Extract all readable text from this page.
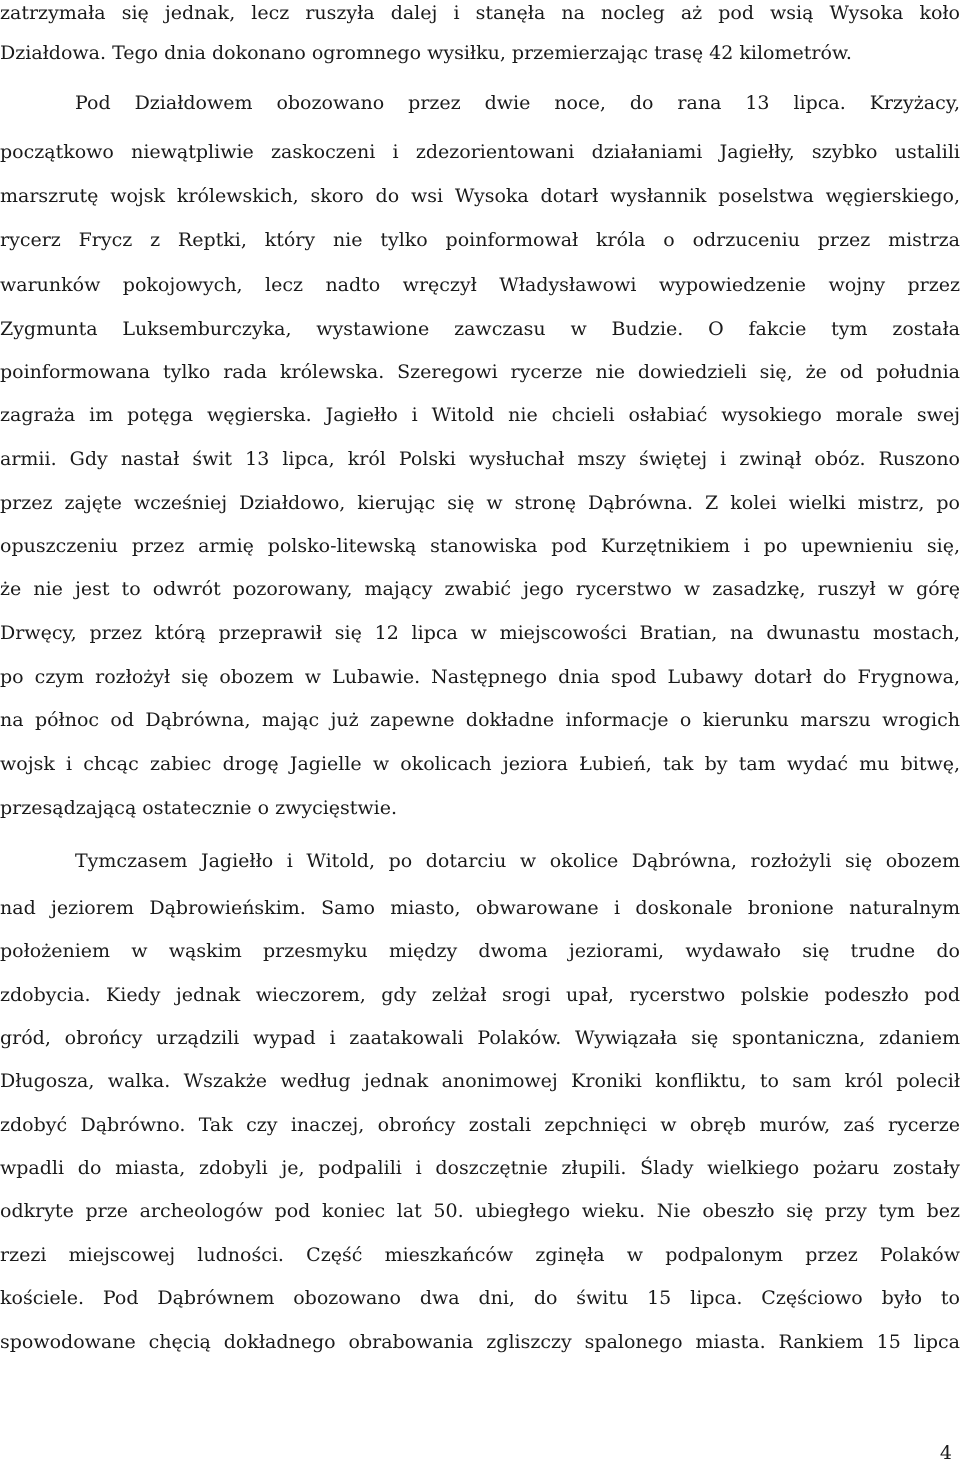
zatrzymała się jednak, lecz ruszyła dalej i stanęła na nocleg aż pod wsią Wysoka koło
Działdowa. Tego dnia dokonano ogromnego wysiłku, przemierzając trasę 42 kilometrów.
Pod Działdowem obozowano przez dwie noce, do rana 13 lipca. Krzyżacy,
początkowo niewątpliwie zaskoczeni i zdezorientowani działaniami Jagiełły, szybko ustalili
marszrutę wojsk królewskich, skoro do wsi Wysoka dotarł wysłannik poselstwa węgierskiego,
rycerz Frycz z Reptki, który nie tylko poinformował króla o odrzuceniu przez mistrza
warunków pokojowych, lecz nadto wręczył Władysławowi wypowiedzenie wojny przez
Zygmunta Luksemburczyka, wystawione zawczasu w Budzie. O fakcie tym została
poinformowana tylko rada królewska. Szeregowi rycerze nie dowiedzieli się, że od południa
zagraża im potęga węgierska. Jagiełło i Witold nie chcieli osłabiać wysokiego morale swej
armii. Gdy nastał świt 13 lipca, król Polski wysłuchał mszy świętej i zwinął obóz. Ruszono
przez zajęte wcześniej Działdowo, kierując się w stronę Dąbrówna. Z kolei wielki mistrz, po
opuszczeniu przez armię polsko-litewską stanowiska pod Kurzętnikiem i po upewnieniu się,
że nie jest to odwrót pozorowany, mający zwabić jego rycerstwo w zasadzkę, ruszył w górę
Drwęcy, przez którą przeprawił się 12 lipca w miejscowości Bratian, na dwunastu mostach,
po czym rozłożył się obozem w Lubawie. Następnego dnia spod Lubawy dotarł do Frygnowa,
na północ od Dąbrówna, mając już zapewne dokładne informacje o kierunku marszu wrogich
wojsk i chcąc zabiec drogę Jagielle w okolicach jeziora Łubień, tak by tam wydać mu bitwę,
przesądzającą ostatecznie o zwycięstwie.
Tymczasem Jagiełło i Witold, po dotarciu w okolice Dąbrówna, rozłożyli się obozem
nad jeziorem Dąbrowieńskim. Samo miasto, obwarowane i doskonale bronione naturalnym
położeniem w wąskim przesmyku między dwoma jeziorami, wydawało się trudne do
zdobycia. Kiedy jednak wieczorem, gdy zelżał srogi upał, rycerstwo polskie podeszło pod
gród, obrońcy urządzili wypad i zaatakowali Polaków. Wywiązała się spontaniczna, zdaniem
Długosza, walka. Wszakże według jednak anonimowej Kroniki konfliktu, to sam król polecił
zdobyć Dąbrówno. Tak czy inaczej, obrońcy zostali zepchnięci w obręb murów, zaś rycerze
wpadli do miasta, zdobyli je, podpalili i doszczętnie złupili. Ślady wielkiego pożaru zostały
odkryte prze archeologów pod koniec lat 50. ubiegłego wieku. Nie obeszło się przy tym bez
rzezi miejscowej ludności. Część mieszkańców zginęła w podpalonym przez Polaków
kościele. Pod Dąbrównem obozowano dwa dni, do świtu 15 lipca. Częściowo było to
spowodowane chęcią dokładnego obrabowania zgliszczy spalonego miasta. Rankiem 15 lipca
4
